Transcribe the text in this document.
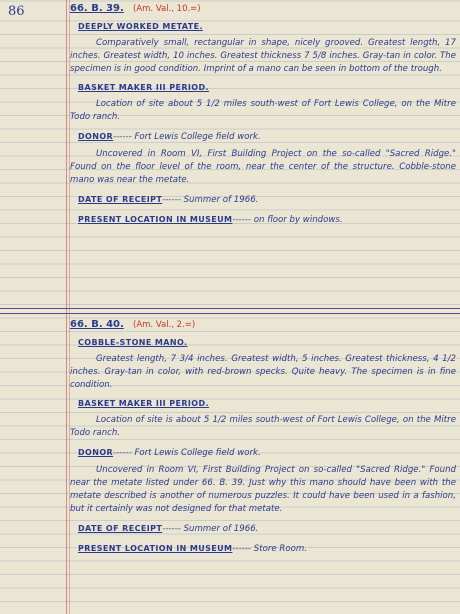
86	66. B. 39. (Am. Val., 10.=)
DEEPLY WORKED METATE.
Comparatively small, rectangular in shape, nicely grooved. Greatest length, 17 inches. Greatest width, 10 inches. Greatest thickness 7 5/8 inches. Gray-tan in color. The specimen is in good condition. Imprint of a mano can be seen in bottom of the trough.
BASKET MAKER III PERIOD.
Location of site about 5 1/2 miles south-west of Fort Lewis College, on the Mitre Todo ranch.
DONOR------ Fort Lewis College field work.
Uncovered in Room VI, First Building Project on the so-called "Sacred Ridge." Found on the floor level of the room, near the center of the structure. Cobble-stone mano was near the metate.
DATE OF RECEIPT------ Summer of 1966.
PRESENT LOCATION IN MUSEUM------ on floor by windows.
66. B. 40. (Am. Val., 2.=)
COBBLE-STONE MANO.
Greatest length, 7 3/4 inches. Greatest width, 5 inches. Greatest thickness, 4 1/2 inches. Gray-tan in color, with red-brown specks. Quite heavy. The specimen is in fine condition.
BASKET MAKER III PERIOD.
Location of site is about 5 1/2 miles south-west of Fort Lewis College, on the Mitre Todo ranch.
DONOR------ Fort Lewis College field work.
Uncovered in Room VI, First Building Project on so-called "Sacred Ridge." Found near the metate listed under 66. B. 39. Just why this mano should have been with the metate described is another of numerous puzzles. It could have been used in a fashion, but it certainly was not designed for that metate.
DATE OF RECEIPT------ Summer of 1966.
PRESENT LOCATION IN MUSEUM------ Store Room.
